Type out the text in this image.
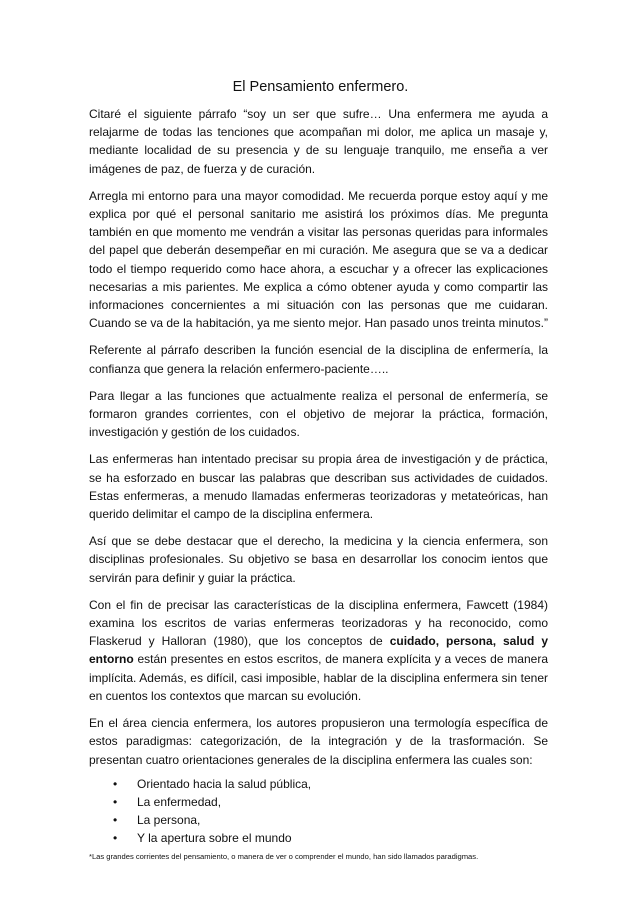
El Pensamiento enfermero.

Citaré el siguiente párrafo “soy un ser que sufre… Una enfermera me ayuda a relajarme de todas las tenciones que acompañan mi dolor, me aplica un masaje y, mediante localidad de su presencia y de su lenguaje tranquilo, me enseña a ver imágenes de paz, de fuerza y de curación.

Arregla mi entorno para una mayor comodidad. Me recuerda porque estoy aquí y me explica por qué el personal sanitario me asistirá los próximos días. Me pregunta también en que momento me vendrán a visitar las personas queridas para informales del papel que deberán desempeñar en mi curación. Me asegura que se va a dedicar todo el tiempo requerido como hace ahora, a escuchar y a ofrecer las explicaciones necesarias a mis parientes. Me explica a cómo obtener ayuda y como compartir las informaciones concernientes a mi situación con las personas que me cuidaran. Cuando se va de la habitación, ya me siento mejor. Han pasado unos treinta minutos.”

Referente al párrafo describen la función esencial de la disciplina de enfermería, la confianza que genera la relación enfermero-paciente…..

Para llegar a las funciones que actualmente realiza el personal de enfermería, se formaron grandes corrientes, con el objetivo de mejorar la práctica, formación, investigación y gestión de los cuidados.

Las enfermeras han intentado precisar su propia área de investigación y de práctica, se ha esforzado en buscar las palabras que describan sus actividades de cuidados. Estas enfermeras, a menudo llamadas enfermeras teorizadoras y metateóricas, han querido delimitar el campo de la disciplina enfermera.

Así que se debe destacar que el derecho, la medicina y la ciencia enfermera, son disciplinas profesionales. Su objetivo se basa en desarrollar los conocim ientos que servirán para definir y guiar la práctica.

Con el fin de precisar las características de la disciplina enfermera, Fawcett (1984) examina los escritos de varias enfermeras teorizadoras y ha reconocido, como Flaskerud y Halloran (1980), que los conceptos de cuidado, persona, salud y entorno están presentes en estos escritos, de manera explícita y a veces de manera implícita. Además, es difícil, casi imposible, hablar de la disciplina enfermera sin tener en cuentos los contextos que marcan su evolución.

En el área ciencia enfermera, los autores propusieron una termología específica de estos paradigmas: categorización, de la integración y de la trasformación. Se presentan cuatro orientaciones generales de la disciplina enfermera las cuales son:

• Orientado hacia la salud pública,
• La enfermedad,
• La persona,
• Y la apertura sobre el mundo
*Las grandes corrientes del pensamiento, o manera de ver o comprender el mundo, han sido llamados paradigmas.
